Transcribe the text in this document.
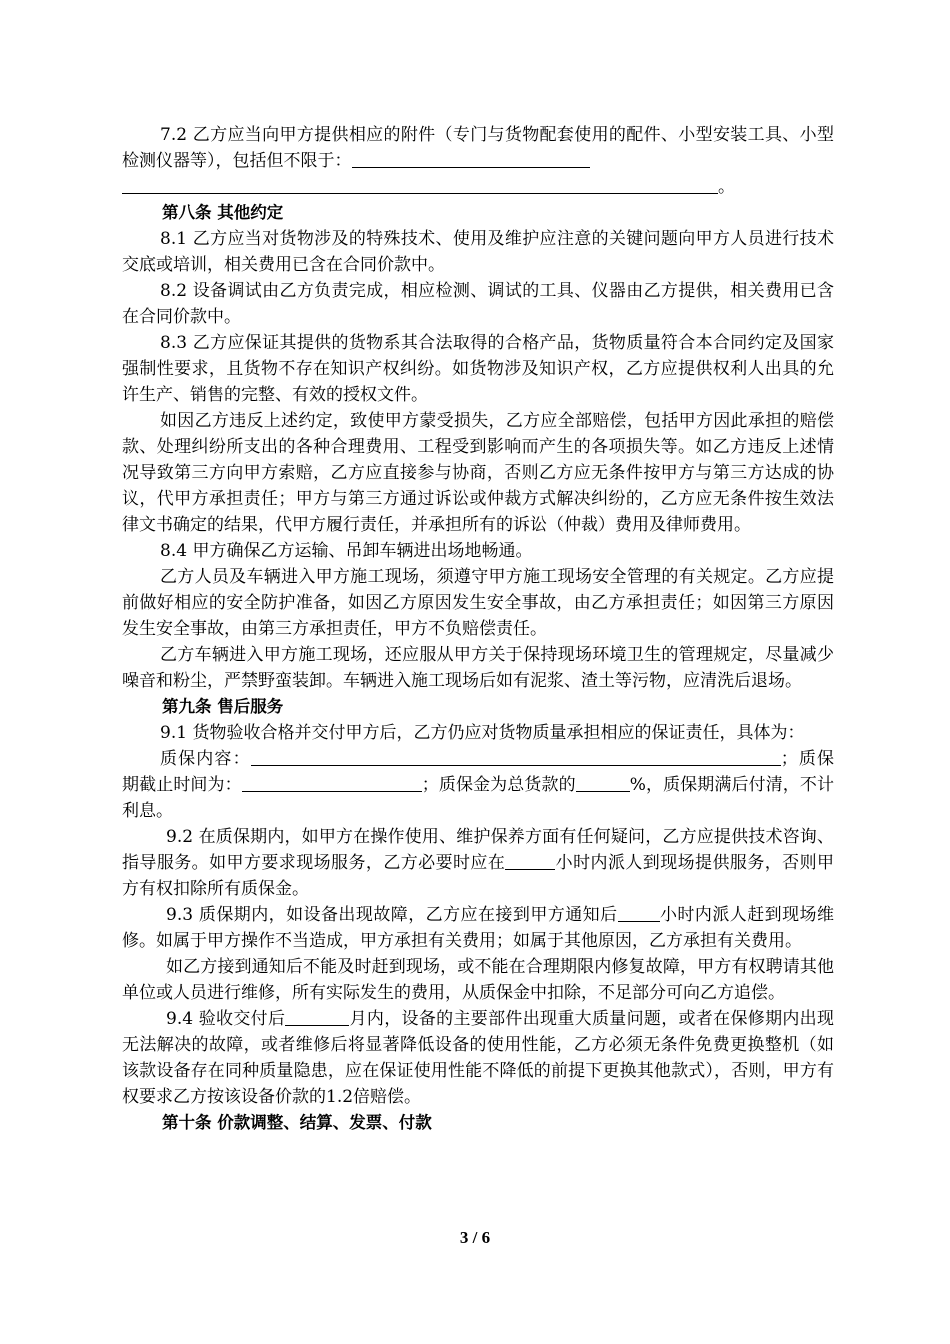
7.2 乙方应当向甲方提供相应的附件（专门与货物配套使用的配件、小型安装工具、小型检测仪器等），包括但不限于：
。

第八条 其他约定

8.1 乙方应当对货物涉及的特殊技术、使用及维护应注意的关键问题向甲方人员进行技术交底或培训，相关费用已含在合同价款中。

8.2 设备调试由乙方负责完成，相应检测、调试的工具、仪器由乙方提供，相关费用已含在合同价款中。

8.3 乙方应保证其提供的货物系其合法取得的合格产品，货物质量符合本合同约定及国家强制性要求，且货物不存在知识产权纠纷。如货物涉及知识产权，乙方应提供权利人出具的允许生产、销售的完整、有效的授权文件。

如因乙方违反上述约定，致使甲方蒙受损失，乙方应全部赔偿，包括甲方因此承担的赔偿款、处理纠纷所支出的各种合理费用、工程受到影响而产生的各项损失等。如乙方违反上述情况导致第三方向甲方索赔，乙方应直接参与协商，否则乙方应无条件按甲方与第三方达成的协议，代甲方承担责任；甲方与第三方通过诉讼或仲裁方式解决纠纷的，乙方应无条件按生效法律文书确定的结果，代甲方履行责任，并承担所有的诉讼（仲裁）费用及律师费用。

8.4 甲方确保乙方运输、吊卸车辆进出场地畅通。

乙方人员及车辆进入甲方施工现场，须遵守甲方施工现场安全管理的有关规定。乙方应提前做好相应的安全防护准备，如因乙方原因发生安全事故，由乙方承担责任；如因第三方原因发生安全事故，由第三方承担责任，甲方不负赔偿责任。

乙方车辆进入甲方施工现场，还应服从甲方关于保持现场环境卫生的管理规定，尽量减少噪音和粉尘，严禁野蛮装卸。车辆进入施工现场后如有泥浆、渣土等污物，应清洗后退场。

第九条 售后服务

9.1 货物验收合格并交付甲方后，乙方仍应对货物质量承担相应的保证责任，具体为：

质保内容：	；质保期截止时间为：	；质保金为总货款的	%，质保期满后付清，不计利息。

9.2 在质保期内，如甲方在操作使用、维护保养方面有任何疑问，乙方应提供技术咨询、指导服务。如甲方要求现场服务，乙方必要时应在	小时内派人到现场提供服务，否则甲方有权扣除所有质保金。

9.3 质保期内，如设备出现故障，乙方应在接到甲方通知后 小时内派人赶到现场维修。如属于甲方操作不当造成，甲方承担有关费用；如属于其他原因，乙方承担有关费用。

如乙方接到通知后不能及时赶到现场，或不能在合理期限内修复故障，甲方有权聘请其他单位或人员进行维修，所有实际发生的费用，从质保金中扣除，不足部分可向乙方追偿。

9.4 验收交付后	月内，设备的主要部件出现重大质量问题，或者在保修期内出现无法解决的故障，或者维修后将显著降低设备的使用性能，乙方必须无条件免费更换整机（如该款设备存在同种质量隐患，应在保证使用性能不降低的前提下更换其他款式），否则，甲方有权要求乙方按该设备价款的1.2倍赔偿。

第十条 价款调整、结算、发票、付款

3 / 6
